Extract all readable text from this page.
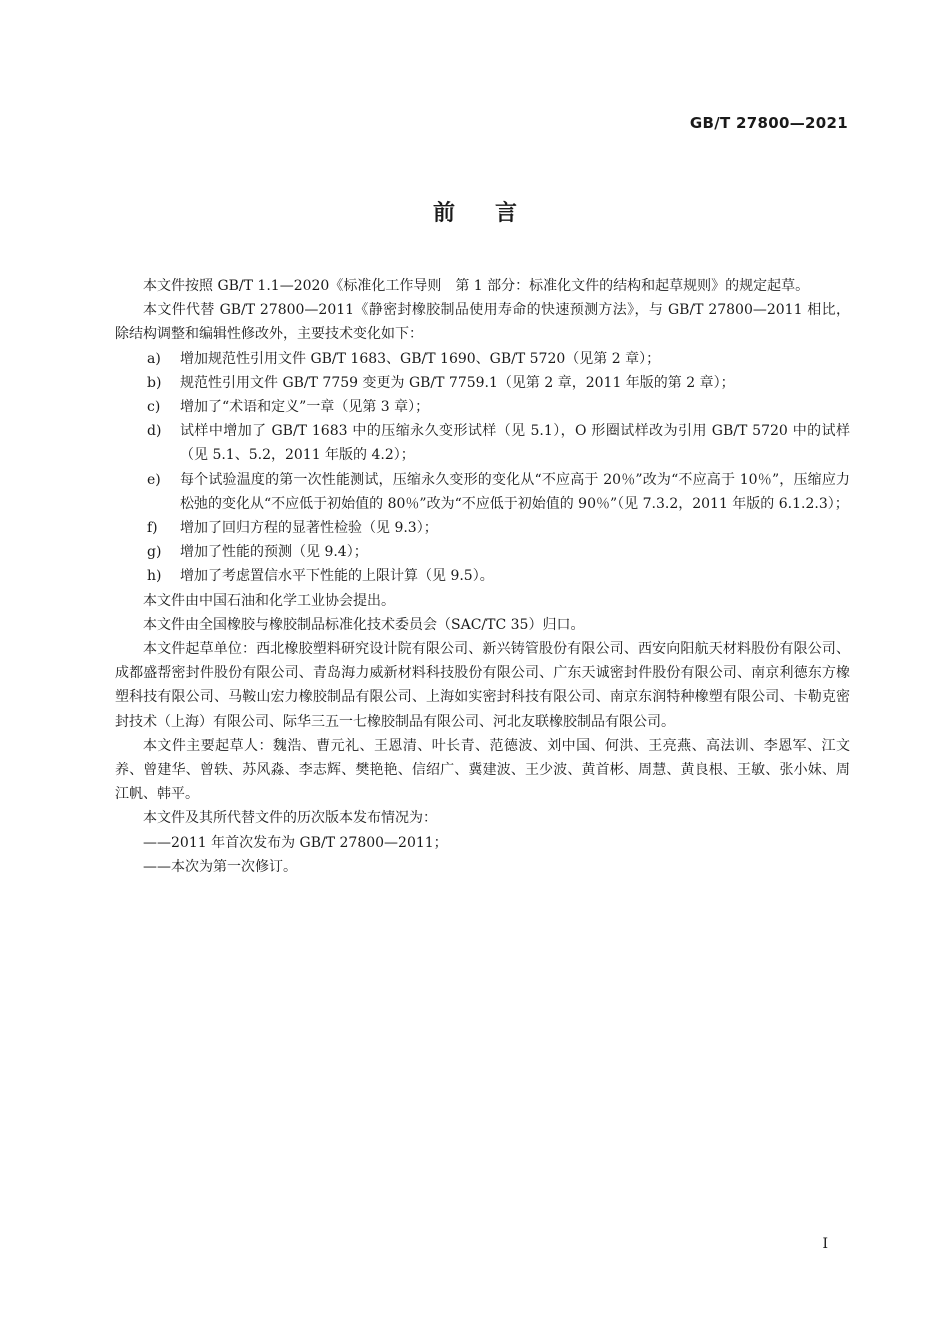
GB/T 27800—2021
前言

本文件按照 GB/T 1.1—2020《标准化工作导则　第 1 部分：标准化文件的结构和起草规则》的规定起草。

本文件代替 GB/T 27800—2011《静密封橡胶制品使用寿命的快速预测方法》，与 GB/T 27800—2011 相比，除结构调整和编辑性修改外，主要技术变化如下：

a) 增加规范性引用文件 GB/T 1683、GB/T 1690、GB/T 5720（见第 2 章）；
b) 规范性引用文件 GB/T 7759 变更为 GB/T 7759.1（见第 2 章，2011 年版的第 2 章）；
c) 增加了“术语和定义”一章（见第 3 章）；
d) 试样中增加了 GB/T 1683 中的压缩永久变形试样（见 5.1），O 形圈试样改为引用 GB/T 5720 中的试样（见 5.1、5.2，2011 年版的 4.2）；
e) 每个试验温度的第一次性能测试，压缩永久变形的变化从“不应高于 20％”改为“不应高于 10％”，压缩应力松弛的变化从“不应低于初始值的 80％”改为“不应低于初始值的 90％”（见 7.3.2，2011 年版的 6.1.2.3）；
f) 增加了回归方程的显著性检验（见 9.3）；
g) 增加了性能的预测（见 9.4）；
h) 增加了考虑置信水平下性能的上限计算（见 9.5）。

本文件由中国石油和化学工业协会提出。

本文件由全国橡胶与橡胶制品标准化技术委员会（SAC/TC 35）归口。

本文件起草单位：西北橡胶塑料研究设计院有限公司、新兴铸管股份有限公司、西安向阳航天材料股份有限公司、成都盛帮密封件股份有限公司、青岛海力威新材料科技股份有限公司、广东天诚密封件股份有限公司、南京利德东方橡塑科技有限公司、马鞍山宏力橡胶制品有限公司、上海如实密封科技有限公司、南京东润特种橡塑有限公司、卡勒克密封技术（上海）有限公司、际华三五一七橡胶制品有限公司、河北友联橡胶制品有限公司。

本文件主要起草人：魏浩、曹元礼、王恩清、叶长青、范德波、刘中国、何洪、王亮燕、高法训、李恩军、江文养、曾建华、曾轶、苏风淼、李志辉、樊艳艳、信绍广、冀建波、王少波、黄首彬、周慧、黄良根、王敏、张小妹、周江帆、韩平。

本文件及其所代替文件的历次版本发布情况为：

——2011 年首次发布为 GB/T 27800—2011；

——本次为第一次修订。

I
